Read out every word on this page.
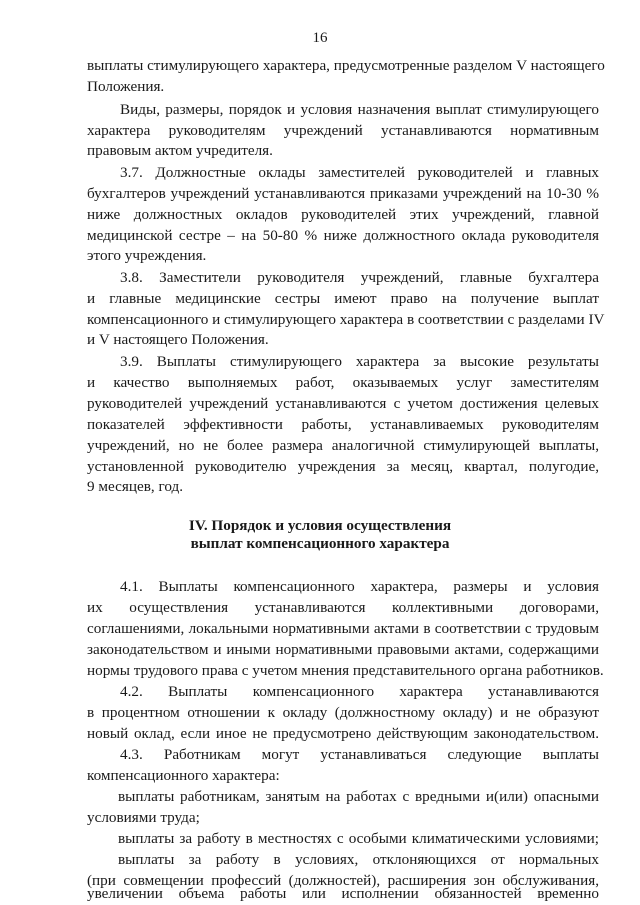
16
выплаты стимулирующего характера, предусмотренные разделом V настоящего
Положения.
Виды, размеры, порядок и условия назначения выплат стимулирующего
характера руководителям учреждений устанавливаются нормативным
правовым актом учредителя.
3.7. Должностные оклады заместителей руководителей и главных
бухгалтеров учреждений устанавливаются приказами учреждений на 10-30 %
ниже должностных окладов руководителей этих учреждений, главной
медицинской сестре – на 50-80 % ниже должностного оклада руководителя
этого учреждения.
3.8. Заместители руководителя учреждений, главные бухгалтера
и главные медицинские сестры имеют право на получение выплат
компенсационного и стимулирующего характера в соответствии с разделами IV
и V настоящего Положения.
3.9. Выплаты стимулирующего характера за высокие результаты
и качество выполняемых работ, оказываемых услуг заместителям
руководителей учреждений устанавливаются с учетом достижения целевых
показателей эффективности работы, устанавливаемых руководителям
учреждений, но не более размера аналогичной стимулирующей выплаты,
установленной руководителю учреждения за месяц, квартал, полугодие,
9 месяцев, год.
IV. Порядок и условия осуществления
выплат компенсационного характера
4.1. Выплаты компенсационного характера, размеры и условия
их осуществления устанавливаются коллективными договорами,
соглашениями, локальными нормативными актами в соответствии с трудовым
законодательством и иными нормативными правовыми актами, содержащими
нормы трудового права с учетом мнения представительного органа работников.
4.2. Выплаты компенсационного характера устанавливаются
в процентном отношении к окладу (должностному окладу) и не образуют
новый оклад, если иное не предусмотрено действующим законодательством.
4.3. Работникам могут устанавливаться следующие выплаты
компенсационного характера:
выплаты работникам, занятым на работах с вредными и(или) опасными
условиями труда;
выплаты за работу в местностях с особыми климатическими условиями;
выплаты за работу в условиях, отклоняющихся от нормальных
(при совмещении профессий (должностей), расширения зон обслуживания,
увеличении объема работы или исполнении обязанностей временно
